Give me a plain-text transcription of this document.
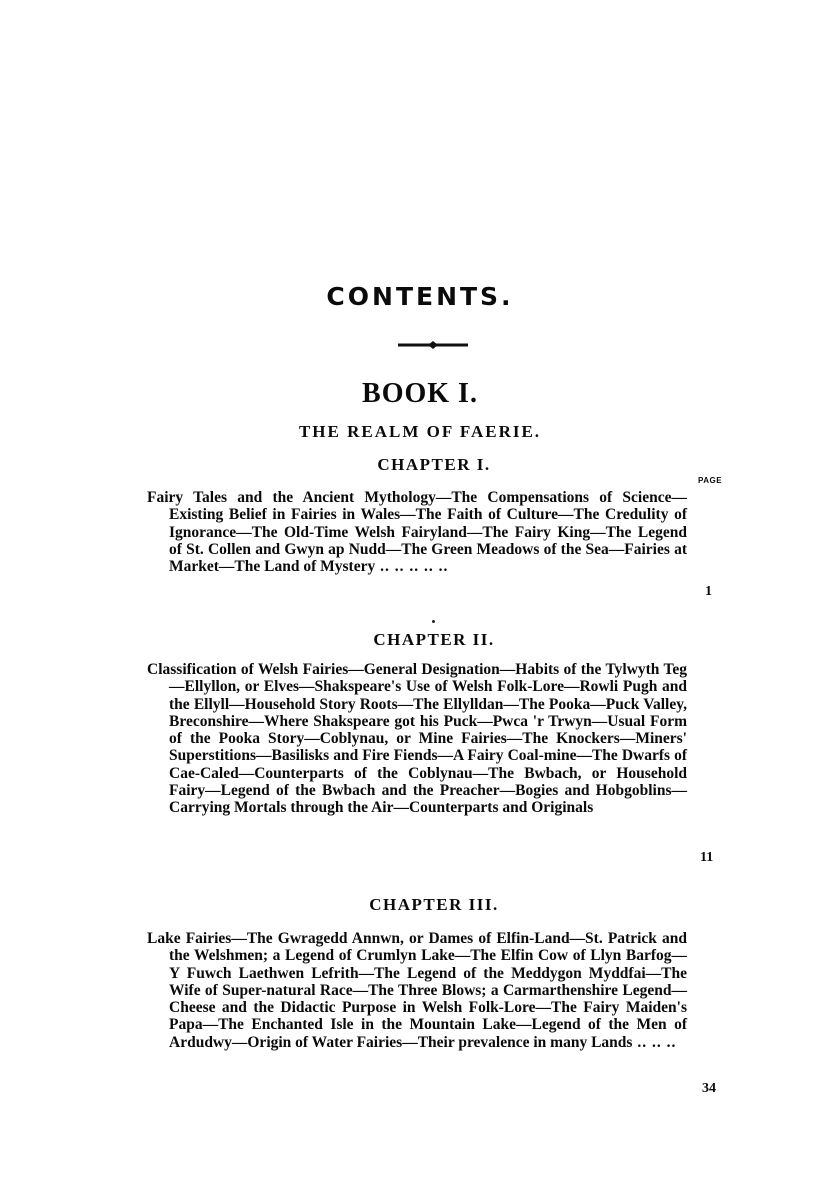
CONTENTS.
BOOK I.
THE REALM OF FAERIE.
CHAPTER I.
PAGE
Fairy Tales and the Ancient Mythology—The Compensations of Science—Existing Belief in Fairies in Wales—The Faith of Culture—The Credulity of Ignorance—The Old-Time Welsh Fairyland—The Fairy King—The Legend of St. Collen and Gwyn ap Nudd—The Green Meadows of the Sea—Fairies at Market—The Land of Mystery .. .. .. .. ..
1
CHAPTER II.
Classification of Welsh Fairies—General Designation—Habits of the Tylwyth Teg—Ellyllon, or Elves—Shakspeare's Use of Welsh Folk-Lore—Rowli Pugh and the Ellyll—Household Story Roots—The Ellylldan—The Pooka—Puck Valley, Breconshire—Where Shakspeare got his Puck—Pwca 'r Trwyn—Usual Form of the Pooka Story—Coblynau, or Mine Fairies—The Knockers—Miners' Superstitions—Basilisks and Fire Fiends—A Fairy Coal-mine—The Dwarfs of Cae-Caled—Counterparts of the Coblynau—The Bwbach, or Household Fairy—Legend of the Bwbach and the Preacher—Bogies and Hobgoblins—Carrying Mortals through the Air—Counterparts and Originals
11
CHAPTER III.
Lake Fairies—The Gwragedd Annwn, or Dames of Elfin-Land—St. Patrick and the Welshmen; a Legend of Crumlyn Lake—The Elfin Cow of Llyn Barfog—Y Fuwch Laethwen Lefrith—The Legend of the Meddygon Myddfai—The Wife of Super-natural Race—The Three Blows; a Carmarthenshire Legend—Cheese and the Didactic Purpose in Welsh Folk-Lore—The Fairy Maiden's Papa—The Enchanted Isle in the Mountain Lake—Legend of the Men of Ardudwy—Origin of Water Fairies—Their prevalence in many Lands .. .. ..
34
